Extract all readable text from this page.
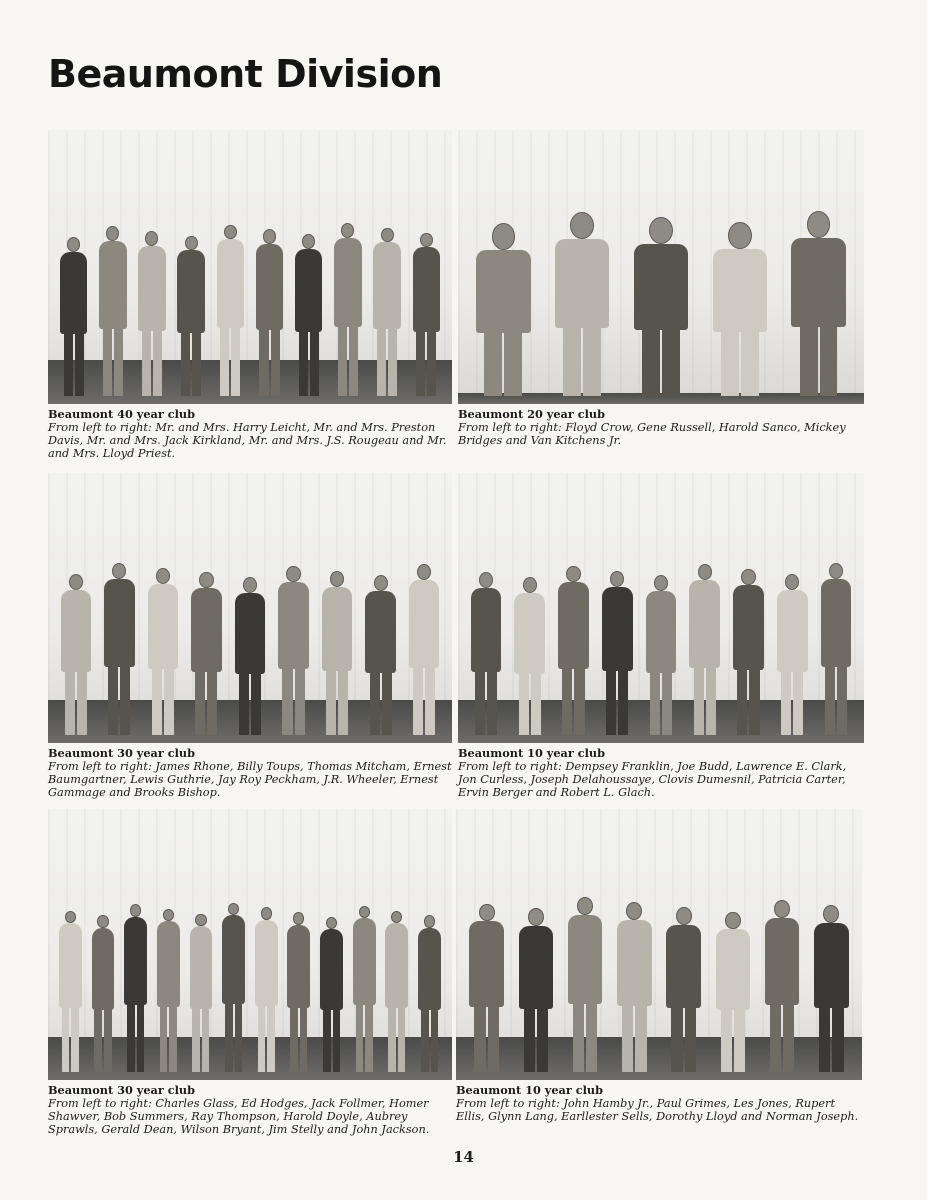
Beaumont Division
Beaumont 40 year club
From left to right: Mr. and Mrs. Harry Leicht, Mr. and Mrs. Preston Davis, Mr. and Mrs. Jack Kirkland, Mr. and Mrs. J.S. Rougeau and Mr. and Mrs. Lloyd Priest.
Beaumont 20 year club
From left to right: Floyd Crow, Gene Russell, Harold Sanco, Mickey Bridges and Van Kitchens Jr.
Beaumont 30 year club
From left to right: James Rhone, Billy Toups, Thomas Mitcham, Ernest Baumgartner, Lewis Guthrie, Jay Roy Peckham, J.R. Wheeler, Ernest Gammage and Brooks Bishop.
Beaumont 10 year club
From left to right: Dempsey Franklin, Joe Budd, Lawrence E. Clark, Jon Curless, Joseph Delahoussaye, Clovis Dumesnil, Patricia Carter, Ervin Berger and Robert L. Glach.
Beaumont 30 year club
From left to right: Charles Glass, Ed Hodges, Jack Follmer, Homer Shawver, Bob Summers, Ray Thompson, Harold Doyle, Aubrey Sprawls, Gerald Dean, Wilson Bryant, Jim Stelly and John Jackson.
Beaumont 10 year club
From left to right: John Hamby Jr., Paul Grimes, Les Jones, Rupert Ellis, Glynn Lang, Earllester Sells, Dorothy Lloyd and Norman Joseph.
14
